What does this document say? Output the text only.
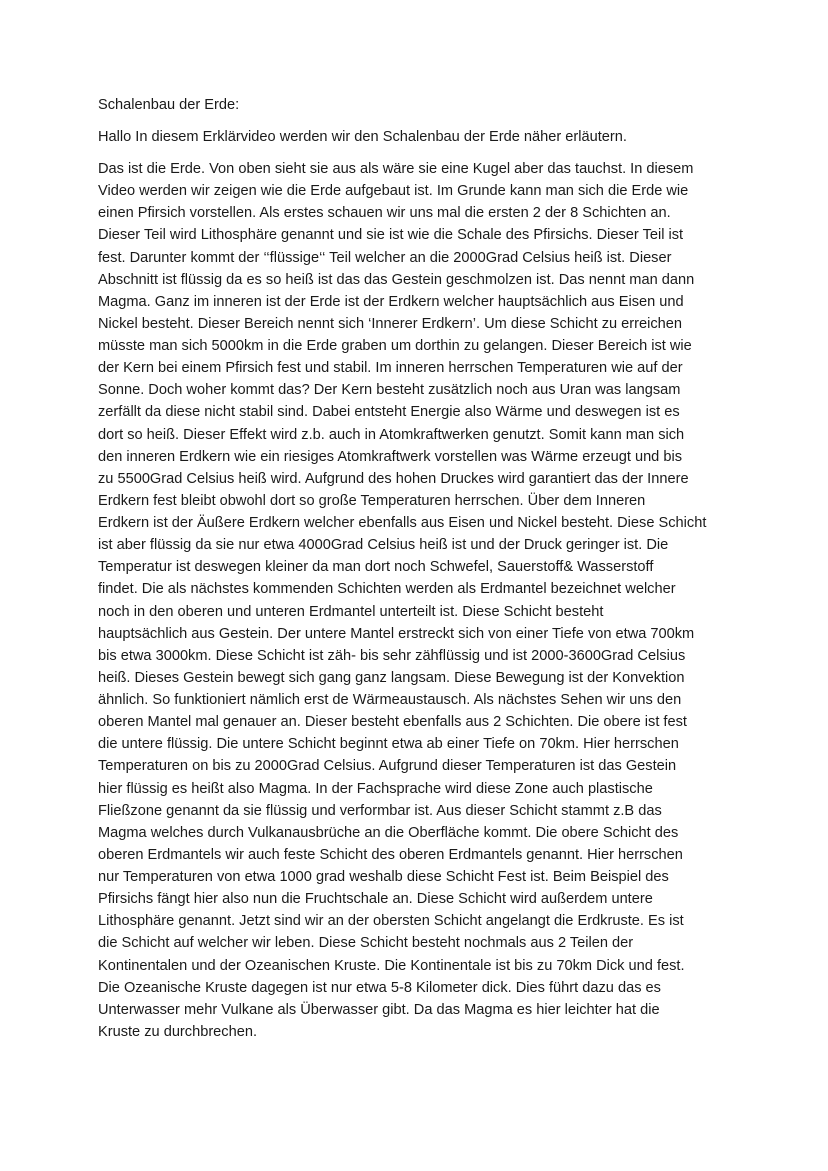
Schalenbau der Erde:

Hallo In diesem Erklärvideo werden wir den Schalenbau der Erde näher erläutern.

Das ist die Erde. Von oben sieht sie aus als wäre sie eine Kugel aber das tauchst. In diesem
Video werden wir zeigen wie die Erde aufgebaut ist. Im Grunde kann man sich die Erde wie
einen Pfirsich vorstellen. Als erstes schauen wir uns mal die ersten 2 der 8 Schichten an.
Dieser Teil wird Lithosphäre genannt und sie ist wie die Schale des Pfirsichs. Dieser Teil ist
fest. Darunter kommt der ‘‘flüssige‘‘ Teil welcher an die 2000Grad Celsius heiß ist. Dieser
Abschnitt ist flüssig da es so heiß ist das das Gestein geschmolzen ist. Das nennt man dann
Magma. Ganz im inneren ist der Erde ist der Erdkern welcher hauptsächlich aus Eisen und
Nickel besteht. Dieser Bereich nennt sich ‘Innerer Erdkern’. Um diese Schicht zu erreichen
müsste man sich 5000km in die Erde graben um dorthin zu gelangen. Dieser Bereich ist wie
der Kern bei einem Pfirsich fest und stabil. Im inneren herrschen Temperaturen wie auf der
Sonne. Doch woher kommt das? Der Kern besteht zusätzlich noch aus Uran was langsam
zerfällt da diese nicht stabil sind. Dabei entsteht Energie also Wärme und deswegen ist es
dort so heiß. Dieser Effekt wird z.b. auch in Atomkraftwerken genutzt. Somit kann man sich
den inneren Erdkern wie ein riesiges Atomkraftwerk vorstellen was Wärme erzeugt und bis
zu 5500Grad Celsius heiß wird. Aufgrund des hohen Druckes wird garantiert das der Innere
Erdkern fest bleibt obwohl dort so große Temperaturen herrschen. Über dem Inneren
Erdkern ist der Äußere Erdkern welcher ebenfalls aus Eisen und Nickel besteht. Diese Schicht
ist aber flüssig da sie nur etwa 4000Grad Celsius heiß ist und der Druck geringer ist. Die
Temperatur ist deswegen kleiner da man dort noch Schwefel, Sauerstoff& Wasserstoff
findet. Die als nächstes kommenden Schichten werden als Erdmantel bezeichnet welcher
noch in den oberen und unteren Erdmantel unterteilt ist. Diese Schicht besteht
hauptsächlich aus Gestein. Der untere Mantel erstreckt sich von einer Tiefe von etwa 700km
bis etwa 3000km. Diese Schicht ist zäh- bis sehr zähflüssig und ist 2000-3600Grad Celsius
heiß. Dieses Gestein bewegt sich gang ganz langsam. Diese Bewegung ist der Konvektion
ähnlich. So funktioniert nämlich erst de Wärmeaustausch. Als nächstes Sehen wir uns den
oberen Mantel mal genauer an. Dieser besteht ebenfalls aus 2 Schichten. Die obere ist fest
die untere flüssig. Die untere Schicht beginnt etwa ab einer Tiefe on 70km. Hier herrschen
Temperaturen on bis zu 2000Grad Celsius. Aufgrund dieser Temperaturen ist das Gestein
hier flüssig es heißt also Magma. In der Fachsprache wird diese Zone auch plastische
Fließzone genannt da sie flüssig und verformbar ist. Aus dieser Schicht stammt z.B das
Magma welches durch Vulkanausbrüche an die Oberfläche kommt. Die obere Schicht des
oberen Erdmantels wir auch feste Schicht des oberen Erdmantels genannt. Hier herrschen
nur Temperaturen von etwa 1000 grad weshalb diese Schicht Fest ist. Beim Beispiel des
Pfirsichs fängt hier also nun die Fruchtschale an. Diese Schicht wird außerdem untere
Lithosphäre genannt. Jetzt sind wir an der obersten Schicht angelangt die Erdkruste. Es ist
die Schicht auf welcher wir leben. Diese Schicht besteht nochmals aus 2 Teilen der
Kontinentalen und der Ozeanischen Kruste. Die Kontinentale ist bis zu 70km Dick und fest.
Die Ozeanische Kruste dagegen ist nur etwa 5-8 Kilometer dick. Dies führt dazu das es
Unterwasser mehr Vulkane als Überwasser gibt. Da das Magma es hier leichter hat die
Kruste zu durchbrechen.
